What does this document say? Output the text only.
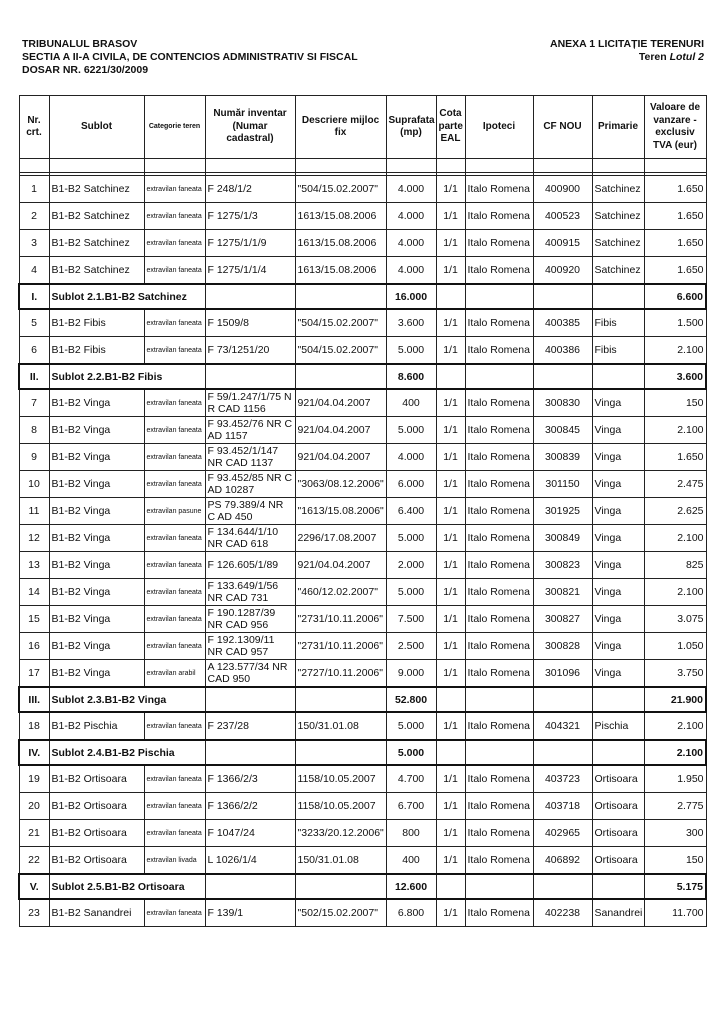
TRIBUNALUL BRASOV
SECTIA A II-A CIVILA, DE CONTENCIOS ADMINISTRATIV SI FISCAL
DOSAR NR. 6221/30/2009
ANEXA 1 LICITAȚIE TERENURI
Teren Lotul 2
Nr. crt.	Sublot	Categorie teren	Număr inventar (Numar cadastral)	Descriere mijloc fix	Suprafata (mp)	Cota parte EAL	Ipoteci	CF NOU	Primarie	Valoare de vanzare - exclusiv TVA (eur)

1	B1-B2 Satchinez	extravilan faneata	F 248/1/2	"504/15.02.2007"	4.000	1/1	Italo Romena	400900	Satchinez	1.650
2	B1-B2 Satchinez	extravilan faneata	F 1275/1/3	1613/15.08.2006	4.000	1/1	Italo Romena	400523	Satchinez	1.650
3	B1-B2 Satchinez	extravilan faneata	F 1275/1/1/9	1613/15.08.2006	4.000	1/1	Italo Romena	400915	Satchinez	1.650
4	B1-B2 Satchinez	extravilan faneata	F 1275/1/1/4	1613/15.08.2006	4.000	1/1	Italo Romena	400920	Satchinez	1.650
I.	Sublot 2.1.B1-B2 Satchinez				16.000					6.600
5	B1-B2 Fibis	extravilan faneata	F 1509/8	"504/15.02.2007"	3.600	1/1	Italo Romena	400385	Fibis	1.500
6	B1-B2 Fibis	extravilan faneata	F 73/1251/20	"504/15.02.2007"	5.000	1/1	Italo Romena	400386	Fibis	2.100
II.	Sublot 2.2.B1-B2 Fibis				8.600					3.600
7	B1-B2 Vinga	extravilan faneata	F 59/1.247/1/75 N R CAD 1156	921/04.04.2007	400	1/1	Italo Romena	300830	Vinga	150
8	B1-B2 Vinga	extravilan faneata	F 93.452/76 NR C AD 1157	921/04.04.2007	5.000	1/1	Italo Romena	300845	Vinga	2.100
9	B1-B2 Vinga	extravilan faneata	F 93.452/1/147 NR CAD 1137	921/04.04.2007	4.000	1/1	Italo Romena	300839	Vinga	1.650
10	B1-B2 Vinga	extravilan faneata	F 93.452/85 NR C AD 10287	"3063/08.12.2006"	6.000	1/1	Italo Romena	301150	Vinga	2.475
11	B1-B2 Vinga	extravilan pasune	PS 79.389/4 NR C AD 450	"1613/15.08.2006"	6.400	1/1	Italo Romena	301925	Vinga	2.625
12	B1-B2 Vinga	extravilan faneata	F 134.644/1/10 NR CAD 618	2296/17.08.2007	5.000	1/1	Italo Romena	300849	Vinga	2.100
13	B1-B2 Vinga	extravilan faneata	F 126.605/1/89	921/04.04.2007	2.000	1/1	Italo Romena	300823	Vinga	825
14	B1-B2 Vinga	extravilan faneata	F 133.649/1/56 NR CAD 731	"460/12.02.2007"	5.000	1/1	Italo Romena	300821	Vinga	2.100
15	B1-B2 Vinga	extravilan faneata	F 190.1287/39 NR CAD 956	"2731/10.11.2006"	7.500	1/1	Italo Romena	300827	Vinga	3.075
16	B1-B2 Vinga	extravilan faneata	F 192.1309/11 NR CAD 957	"2731/10.11.2006"	2.500	1/1	Italo Romena	300828	Vinga	1.050
17	B1-B2 Vinga	extravilan arabil	A 123.577/34 NR CAD 950	"2727/10.11.2006"	9.000	1/1	Italo Romena	301096	Vinga	3.750
III.	Sublot 2.3.B1-B2 Vinga				52.800					21.900
18	B1-B2 Pischia	extravilan faneata	F 237/28	150/31.01.08	5.000	1/1	Italo Romena	404321	Pischia	2.100
IV.	Sublot 2.4.B1-B2 Pischia				5.000					2.100
19	B1-B2 Ortisoara	extravilan faneata	F 1366/2/3	1158/10.05.2007	4.700	1/1	Italo Romena	403723	Ortisoara	1.950
20	B1-B2 Ortisoara	extravilan faneata	F 1366/2/2	1158/10.05.2007	6.700	1/1	Italo Romena	403718	Ortisoara	2.775
21	B1-B2 Ortisoara	extravilan faneata	F 1047/24	"3233/20.12.2006"	800	1/1	Italo Romena	402965	Ortisoara	300
22	B1-B2 Ortisoara	extravilan livada	L 1026/1/4	150/31.01.08	400	1/1	Italo Romena	406892	Ortisoara	150
V.	Sublot 2.5.B1-B2 Ortisoara				12.600					5.175
23	B1-B2 Sanandrei	extravilan faneata	F 139/1	"502/15.02.2007"	6.800	1/1	Italo Romena	402238	Sanandrei	11.700
